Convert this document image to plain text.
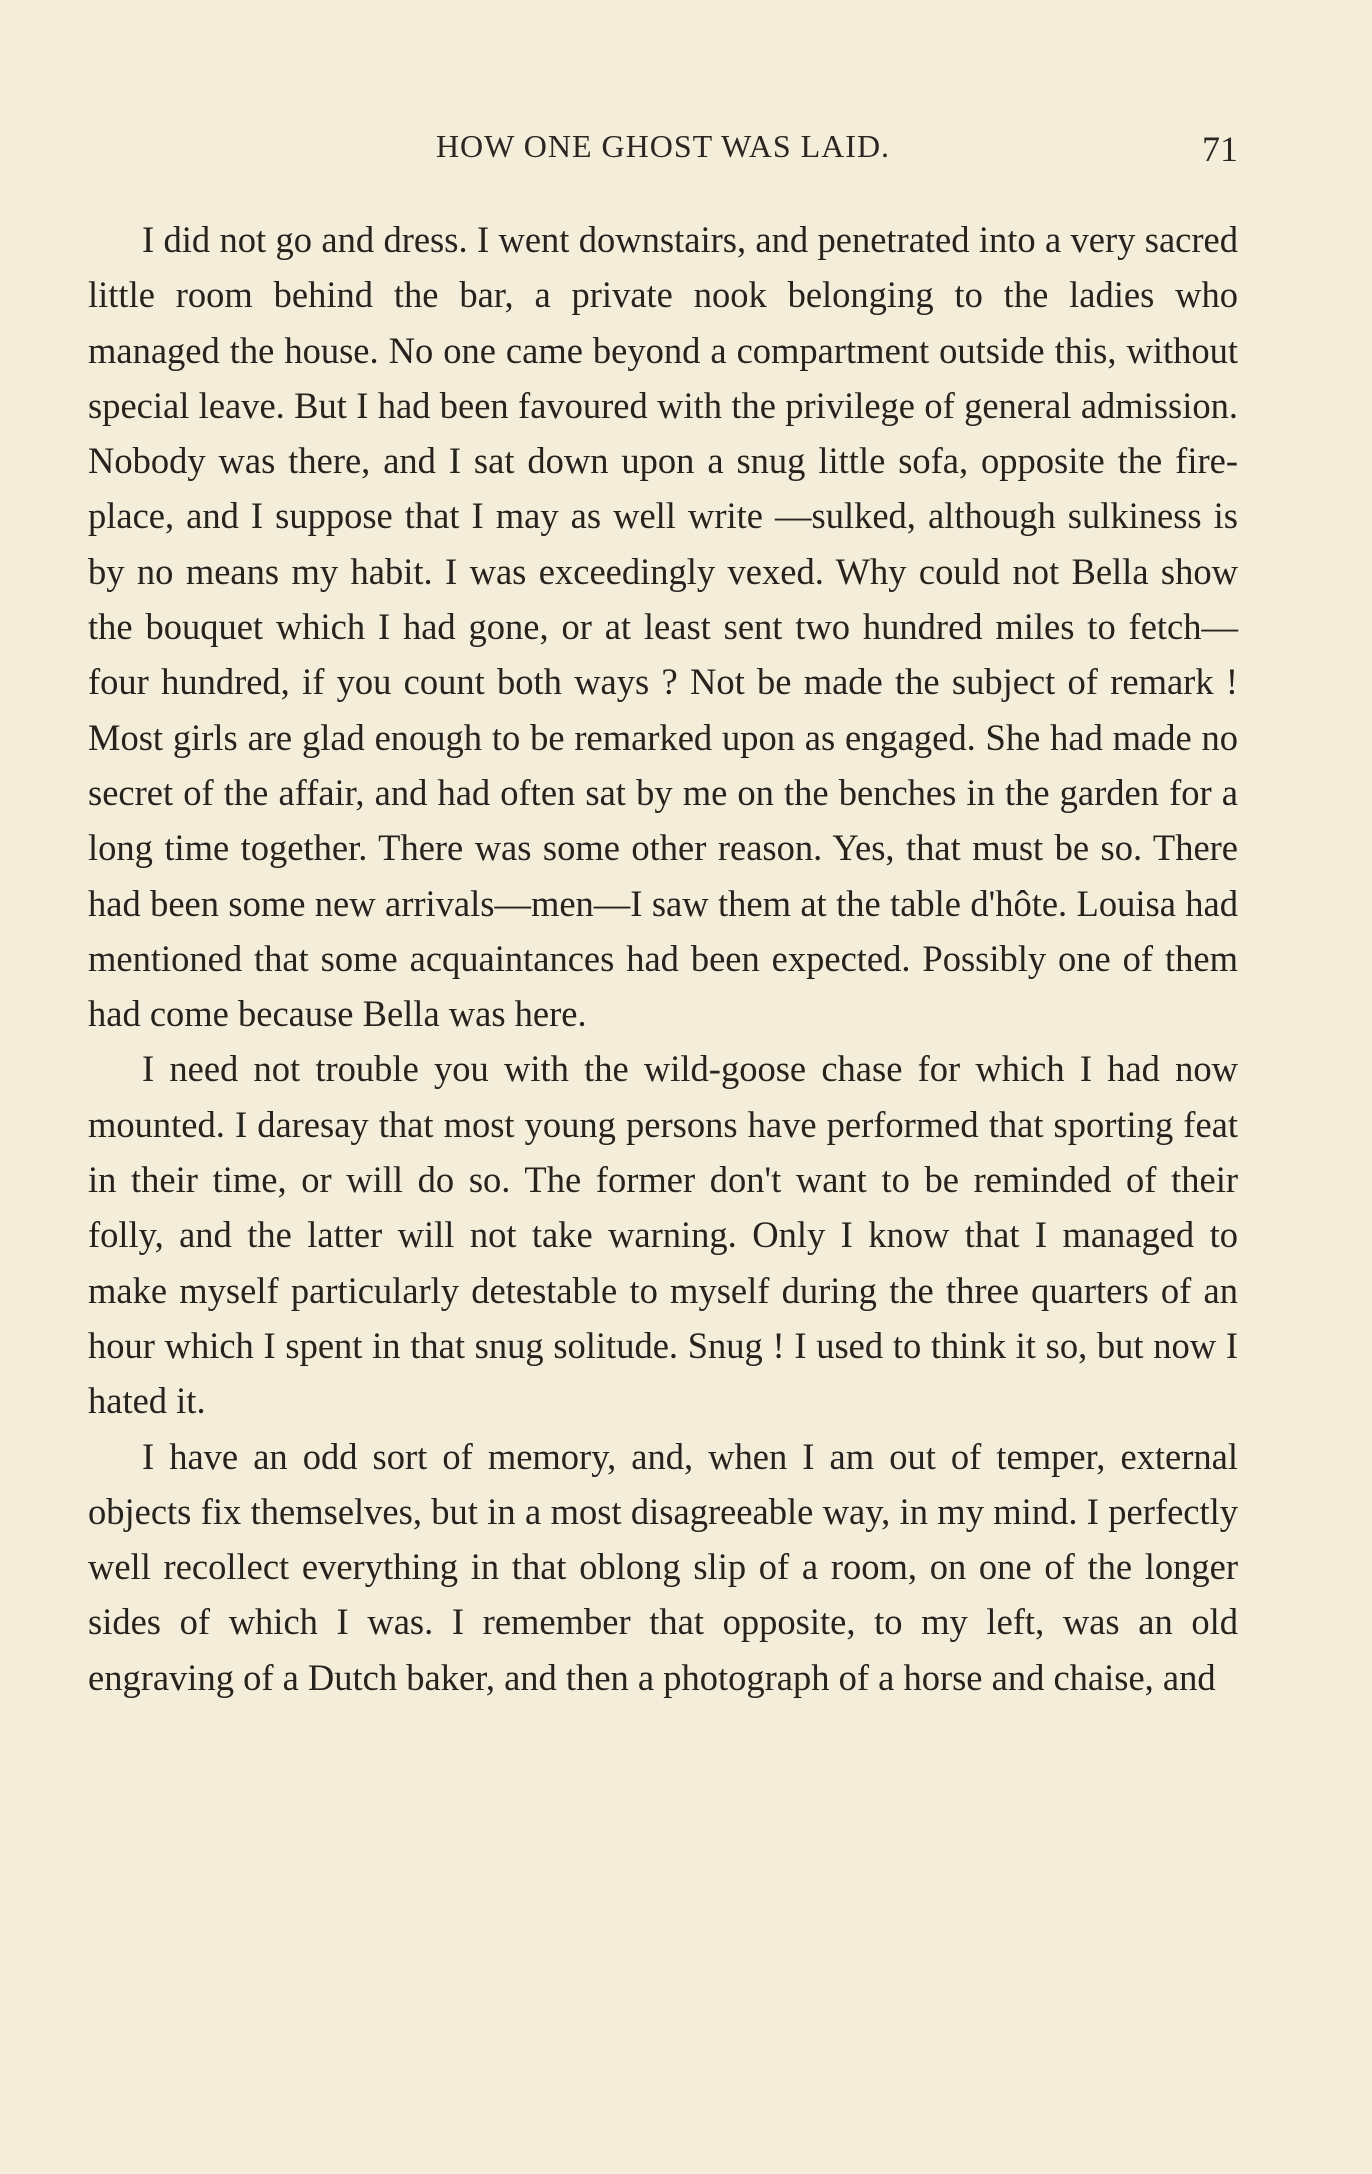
HOW ONE GHOST WAS LAID.	71

I did not go and dress. I went downstairs, and penetrated into a very sacred little room behind the bar, a private nook belonging to the ladies who managed the house. No one came beyond a compartment outside this, without special leave. But I had been favoured with the privilege of general admission. Nobody was there, and I sat down upon a snug little sofa, opposite the fire-place, and I suppose that I may as well write —sulked, although sulkiness is by no means my habit. I was exceedingly vexed. Why could not Bella show the bouquet which I had gone, or at least sent two hundred miles to fetch— four hundred, if you count both ways ? Not be made the subject of remark ! Most girls are glad enough to be remarked upon as engaged. She had made no secret of the affair, and had often sat by me on the benches in the garden for a long time together. There was some other reason. Yes, that must be so. There had been some new arrivals—men—I saw them at the table d'hôte. Louisa had mentioned that some acquaintances had been expected. Possibly one of them had come because Bella was here.

I need not trouble you with the wild-goose chase for which I had now mounted. I daresay that most young persons have performed that sporting feat in their time, or will do so. The former don't want to be reminded of their folly, and the latter will not take warning. Only I know that I managed to make myself particularly detestable to myself during the three quarters of an hour which I spent in that snug solitude. Snug ! I used to think it so, but now I hated it.

I have an odd sort of memory, and, when I am out of temper, external objects fix themselves, but in a most disagreeable way, in my mind. I perfectly well recollect everything in that oblong slip of a room, on one of the longer sides of which I was. I remember that opposite, to my left, was an old engraving of a Dutch baker, and then a photograph of a horse and chaise, and
